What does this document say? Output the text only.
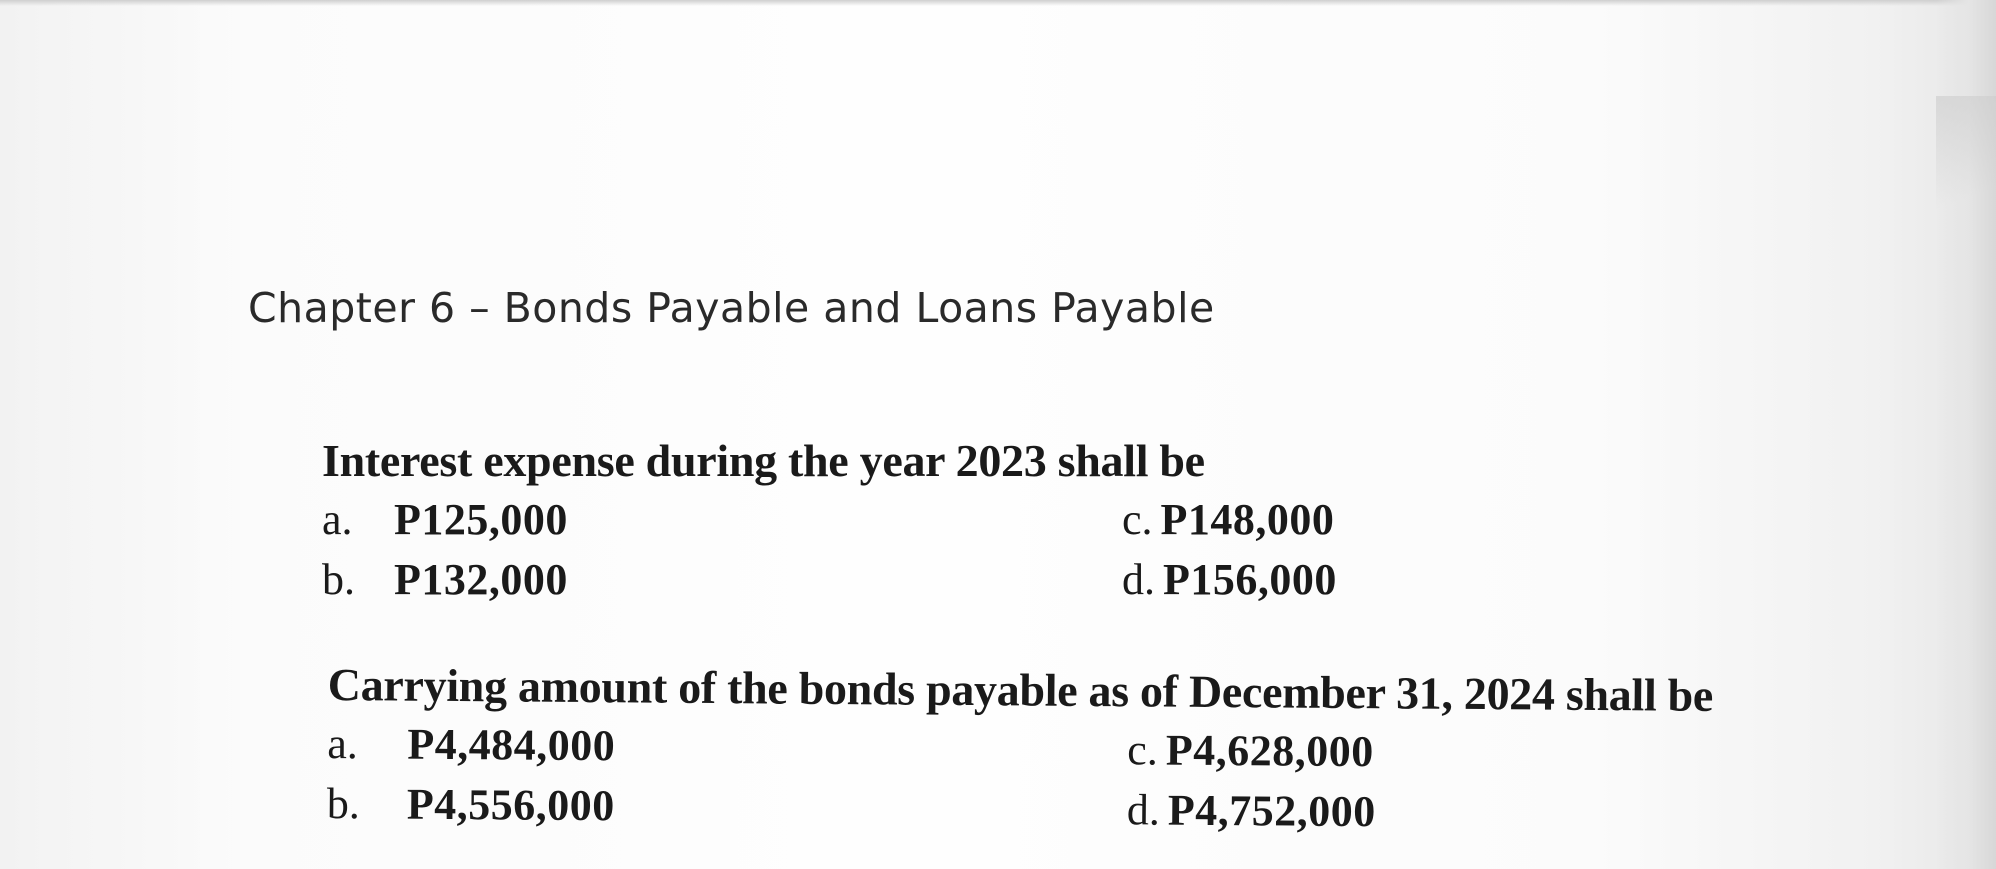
Chapter 6 – Bonds Payable and Loans Payable

Interest expense during the year 2023 shall be

a. P125,000
b. P132,000
c. P148,000
d. P156,000

Carrying amount of the bonds payable as of December 31, 2024 shall be

a. P4,484,000
b. P4,556,000
c. P4,628,000
d. P4,752,000
